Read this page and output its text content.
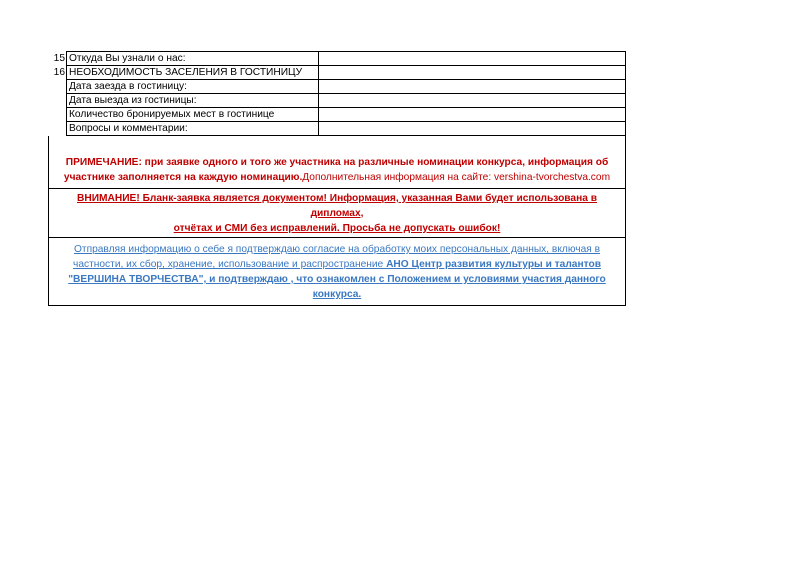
15	Откуда Вы узнали о нас:	
16	НЕОБХОДИМОСТЬ ЗАСЕЛЕНИЯ В ГОСТИНИЦУ	
	Дата заезда в гостиницу:	
	Дата выезда из гостиницы:	
	Количество бронируемых мест в гостинице	
	Вопросы и комментарии:	
ПРИМЕЧАНИЕ: при заявке одного и того же участника на различные номинации конкурса, информация об
участнике заполняется на каждую номинацию.Дополнительная информация на сайте: vershina-tvorchestva.com
ВНИМАНИЕ! Бланк-заявка является документом! Информация, указанная Вами будет использована в дипломах,
отчётах и СМИ без исправлений. Просьба не допускать ошибок!
Отправляя информацию о себе я подтверждаю согласие на обработку моих персональных данных, включая в
частности, их сбор, хранение, использование и распространение АНО Центр развития культуры и талантов
"ВЕРШИНА ТВОРЧЕСТВА", и подтверждаю , что ознакомлен с Положением и условиями участия данного
конкурса.
